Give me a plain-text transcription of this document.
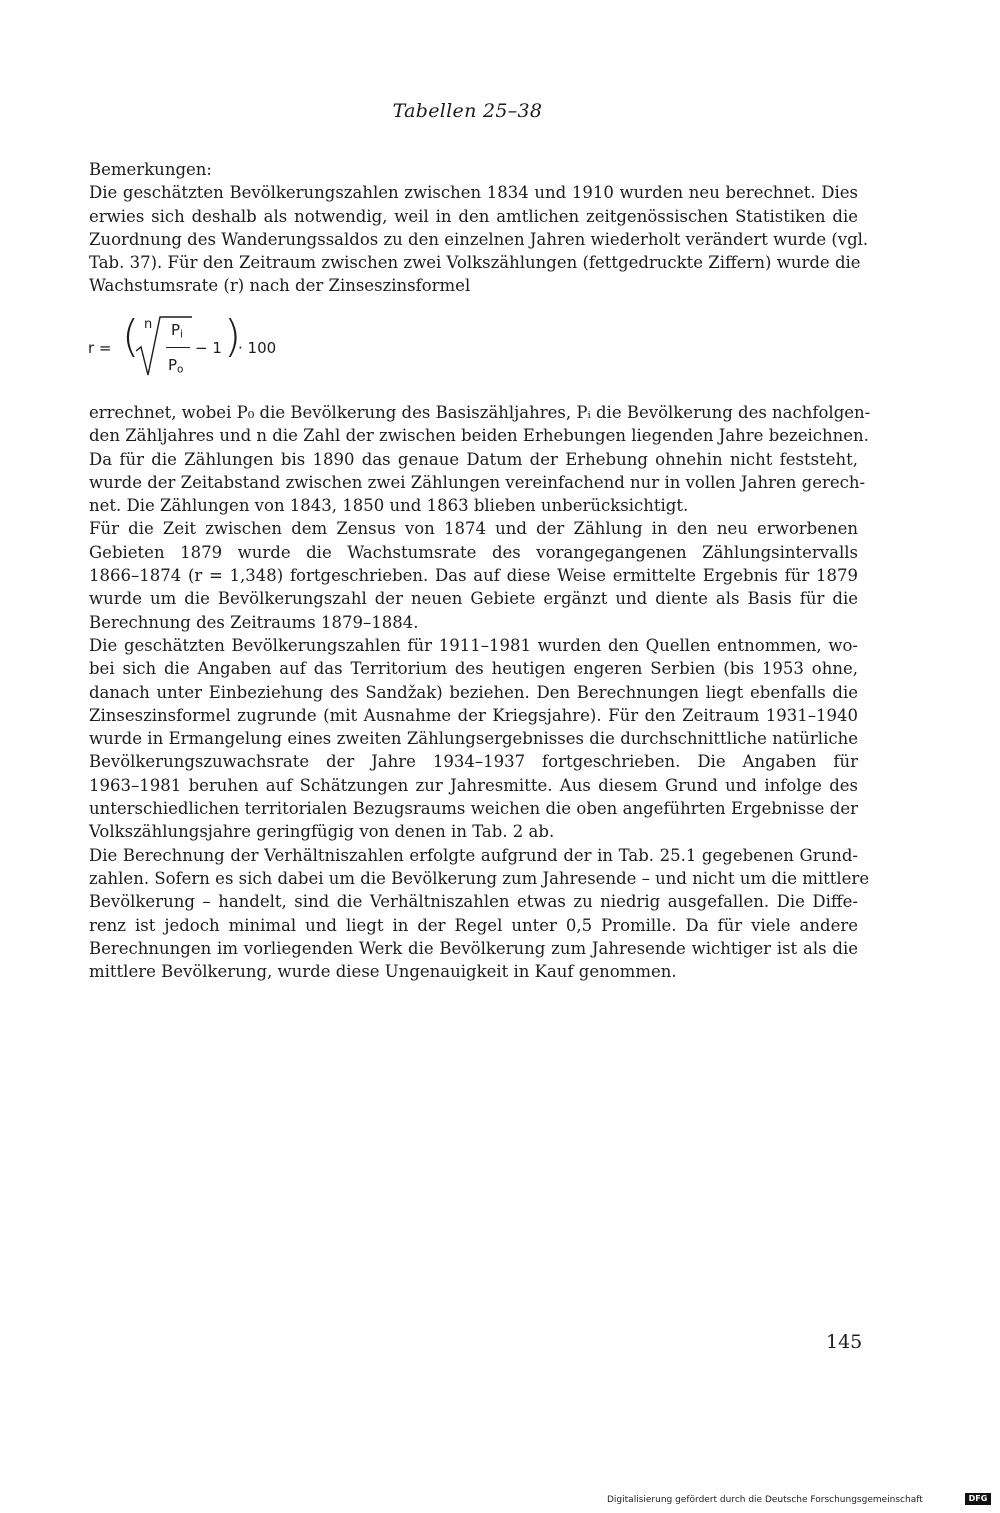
Tabellen 25–38
Bemerkungen:
Die geschätzten Bevölkerungszahlen zwischen 1834 und 1910 wurden neu berechnet. Dies
erwies sich deshalb als notwendig, weil in den amtlichen zeitgenössischen Statistiken die
Zuordnung des Wanderungssaldos zu den einzelnen Jahren wiederholt verändert wurde (vgl.
Tab. 37). Für den Zeitraum zwischen zwei Volkszählungen (fettgedruckte Ziffern) wurde die
Wachstumsrate (r) nach der Zinseszinsformel
r = ( n $P_i$
$P_o$
− 1 )
· 100
errechnet, wobei P₀ die Bevölkerung des Basiszähljahres, Pᵢ die Bevölkerung des nachfolgen-
den Zähljahres und n die Zahl der zwischen beiden Erhebungen liegenden Jahre bezeichnen.
Da für die Zählungen bis 1890 das genaue Datum der Erhebung ohnehin nicht feststeht,
wurde der Zeitabstand zwischen zwei Zählungen vereinfachend nur in vollen Jahren gerech-
net. Die Zählungen von 1843, 1850 und 1863 blieben unberücksichtigt.
Für die Zeit zwischen dem Zensus von 1874 und der Zählung in den neu erworbenen
Gebieten 1879 wurde die Wachstumsrate des vorangegangenen Zählungsintervalls
1866–1874 (r = 1,348) fortgeschrieben. Das auf diese Weise ermittelte Ergebnis für 1879
wurde um die Bevölkerungszahl der neuen Gebiete ergänzt und diente als Basis für die
Berechnung des Zeitraums 1879–1884.
Die geschätzten Bevölkerungszahlen für 1911–1981 wurden den Quellen entnommen, wo-
bei sich die Angaben auf das Territorium des heutigen engeren Serbien (bis 1953 ohne,
danach unter Einbeziehung des Sandžak) beziehen. Den Berechnungen liegt ebenfalls die
Zinseszinsformel zugrunde (mit Ausnahme der Kriegsjahre). Für den Zeitraum 1931–1940
wurde in Ermangelung eines zweiten Zählungsergebnisses die durchschnittliche natürliche
Bevölkerungszuwachsrate der Jahre 1934–1937 fortgeschrieben. Die Angaben für
1963–1981 beruhen auf Schätzungen zur Jahresmitte. Aus diesem Grund und infolge des
unterschiedlichen territorialen Bezugsraums weichen die oben angeführten Ergebnisse der
Volkszählungsjahre geringfügig von denen in Tab. 2 ab.
Die Berechnung der Verhältniszahlen erfolgte aufgrund der in Tab. 25.1 gegebenen Grund-
zahlen. Sofern es sich dabei um die Bevölkerung zum Jahresende – und nicht um die mittlere
Bevölkerung – handelt, sind die Verhältniszahlen etwas zu niedrig ausgefallen. Die Diffe-
renz ist jedoch minimal und liegt in der Regel unter 0,5 Promille. Da für viele andere
Berechnungen im vorliegenden Werk die Bevölkerung zum Jahresende wichtiger ist als die
mittlere Bevölkerung, wurde diese Ungenauigkeit in Kauf genommen.
145
Digitalisierung gefördert durch die Deutsche Forschungsgemeinschaft	DFG
